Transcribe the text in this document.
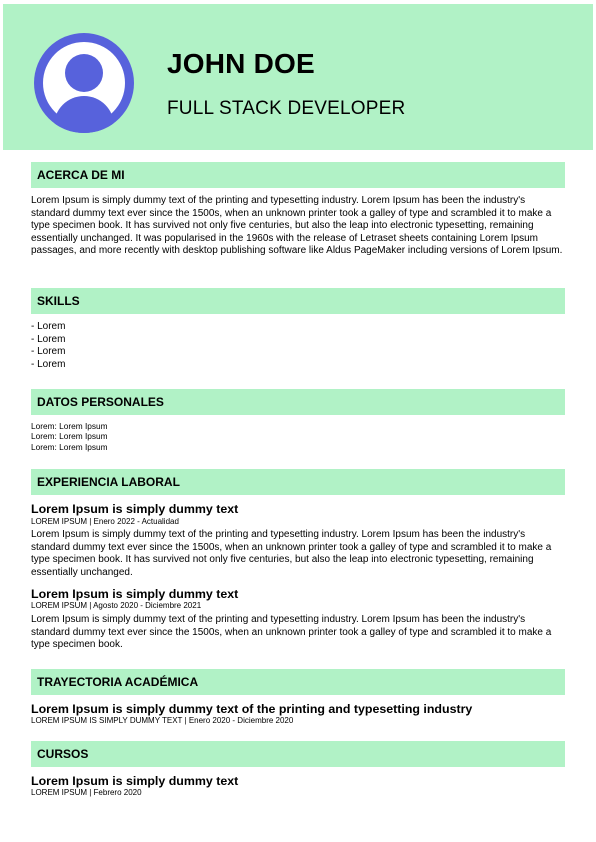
JOHN DOE
FULL STACK DEVELOPER
ACERCA DE MI

Lorem Ipsum is simply dummy text of the printing and typesetting industry. Lorem Ipsum has been the industry's standard dummy text ever since the 1500s, when an unknown printer took a galley of type and scrambled it to make a type specimen book. It has survived not only five centuries, but also the leap into electronic typesetting, remaining essentially unchanged. It was popularised in the 1960s with the release of Letraset sheets containing Lorem Ipsum passages, and more recently with desktop publishing software like Aldus PageMaker including versions of Lorem Ipsum.

SKILLS
- Lorem
- Lorem
- Lorem
- Lorem
DATOS PERSONALES
Lorem: Lorem Ipsum
Lorem: Lorem Ipsum
Lorem: Lorem Ipsum
EXPERIENCIA LABORAL
Lorem Ipsum is simply dummy text
LOREM IPSUM | Enero 2022 - Actualidad

Lorem Ipsum is simply dummy text of the printing and typesetting industry. Lorem Ipsum has been the industry's standard dummy text ever since the 1500s, when an unknown printer took a galley of type and scrambled it to make a type specimen book. It has survived not only five centuries, but also the leap into electronic typesetting, remaining essentially unchanged.

Lorem Ipsum is simply dummy text
LOREM IPSUM | Agosto 2020 - Diciembre 2021

Lorem Ipsum is simply dummy text of the printing and typesetting industry. Lorem Ipsum has been the industry's standard dummy text ever since the 1500s, when an unknown printer took a galley of type and scrambled it to make a type specimen book.

TRAYECTORIA ACADÉMICA
Lorem Ipsum is simply dummy text of the printing and typesetting industry
LOREM IPSUM IS SIMPLY DUMMY TEXT | Enero 2020 - Diciembre 2020
CURSOS
Lorem Ipsum is simply dummy text
LOREM IPSUM | Febrero 2020
